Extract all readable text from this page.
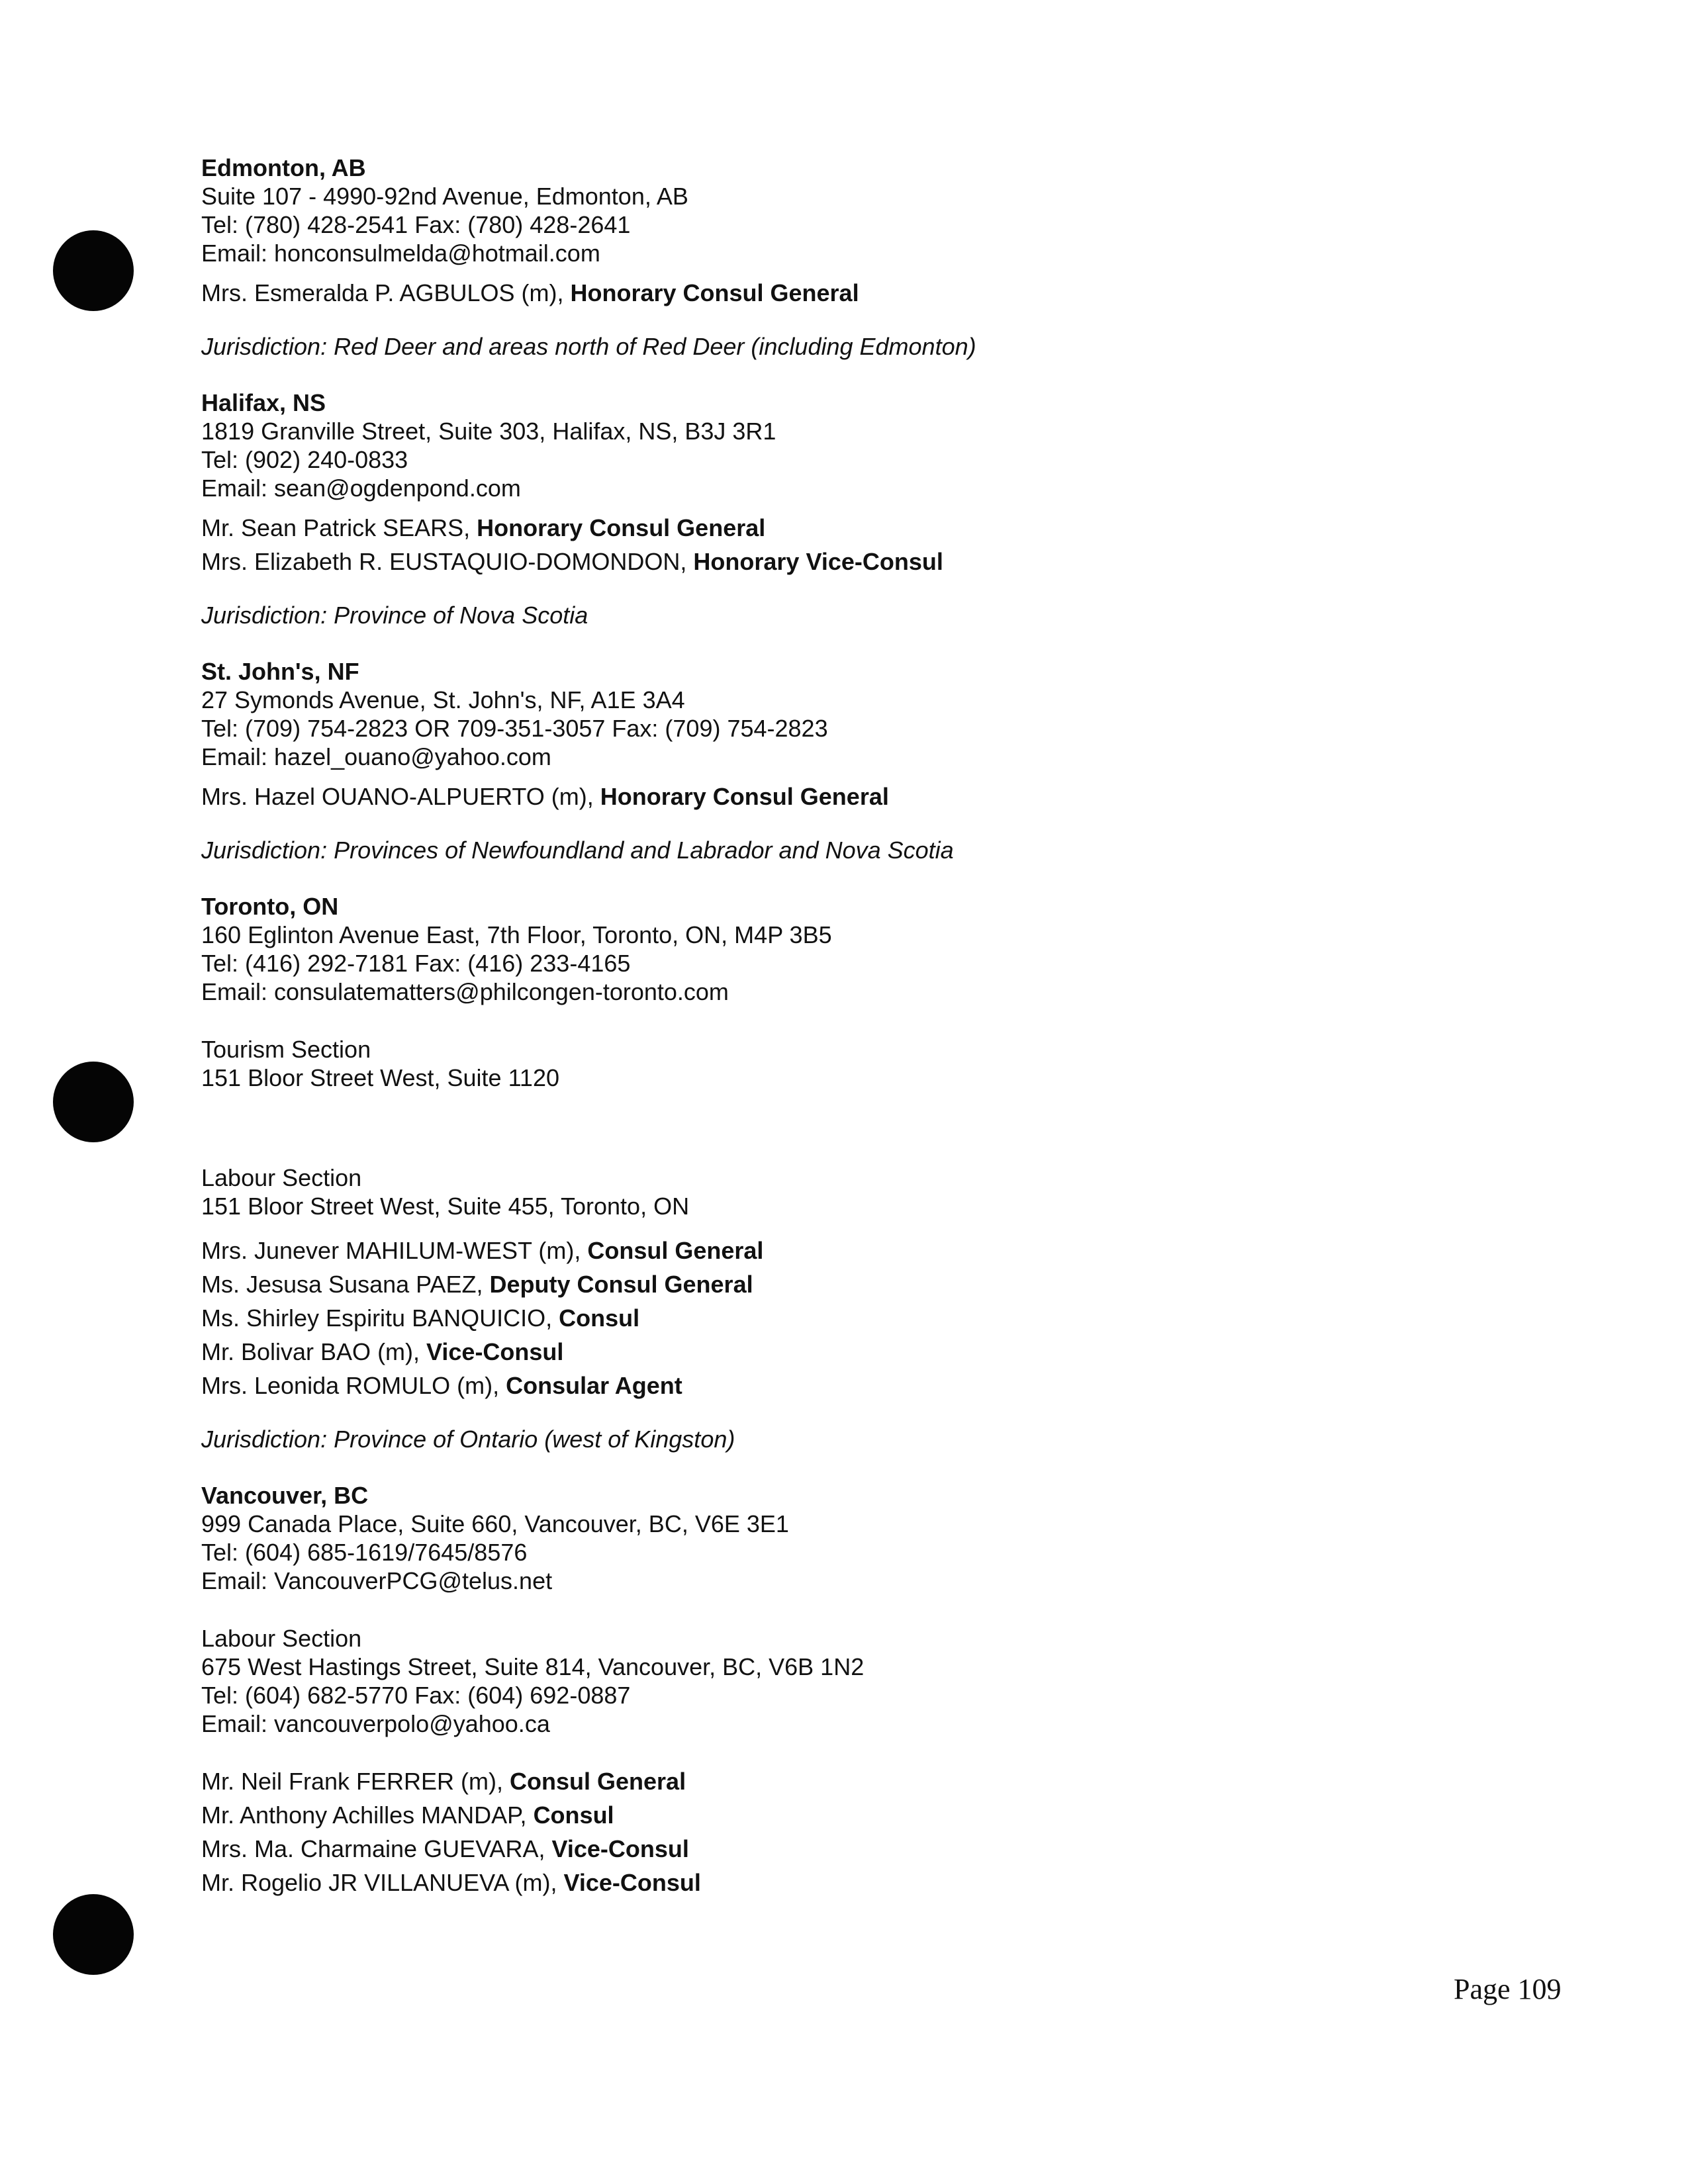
Edmonton, AB
Suite 107 - 4990-92nd Avenue, Edmonton, AB
Tel: (780) 428-2541 Fax: (780) 428-2641
Email: honconsulmelda@hotmail.com
Mrs. Esmeralda P. AGBULOS (m), Honorary Consul General
Jurisdiction: Red Deer and areas north of Red Deer (including Edmonton)
Halifax, NS
1819 Granville Street, Suite 303, Halifax, NS, B3J 3R1
Tel: (902) 240-0833
Email: sean@ogdenpond.com
Mr. Sean Patrick SEARS, Honorary Consul General
Mrs. Elizabeth R. EUSTAQUIO-DOMONDON, Honorary Vice-Consul
Jurisdiction: Province of Nova Scotia
St. John's, NF
27 Symonds Avenue, St. John's, NF, A1E 3A4
Tel: (709) 754-2823 OR 709-351-3057 Fax: (709) 754-2823
Email: hazel_ouano@yahoo.com
Mrs. Hazel OUANO-ALPUERTO (m), Honorary Consul General
Jurisdiction: Provinces of Newfoundland and Labrador and Nova Scotia
Toronto, ON
160 Eglinton Avenue East, 7th Floor, Toronto, ON, M4P 3B5
Tel: (416) 292-7181 Fax: (416) 233-4165
Email: consulatematters@philcongen-toronto.com
Tourism Section
151 Bloor Street West, Suite 1120
Labour Section
151 Bloor Street West, Suite 455, Toronto, ON
Mrs. Junever MAHILUM-WEST (m), Consul General
Ms. Jesusa Susana PAEZ, Deputy Consul General
Ms. Shirley Espiritu BANQUICIO, Consul
Mr. Bolivar BAO (m), Vice-Consul
Mrs. Leonida ROMULO (m), Consular Agent
Jurisdiction: Province of Ontario (west of Kingston)
Vancouver, BC
999 Canada Place, Suite 660, Vancouver, BC, V6E 3E1
Tel: (604) 685-1619/7645/8576
Email: VancouverPCG@telus.net
Labour Section
675 West Hastings Street, Suite 814, Vancouver, BC, V6B 1N2
Tel: (604) 682-5770 Fax: (604) 692-0887
Email: vancouverpolo@yahoo.ca
Mr. Neil Frank FERRER (m), Consul General
Mr. Anthony Achilles MANDAP, Consul
Mrs. Ma. Charmaine GUEVARA, Vice-Consul
Mr. Rogelio JR VILLANUEVA (m), Vice-Consul
Page 109
